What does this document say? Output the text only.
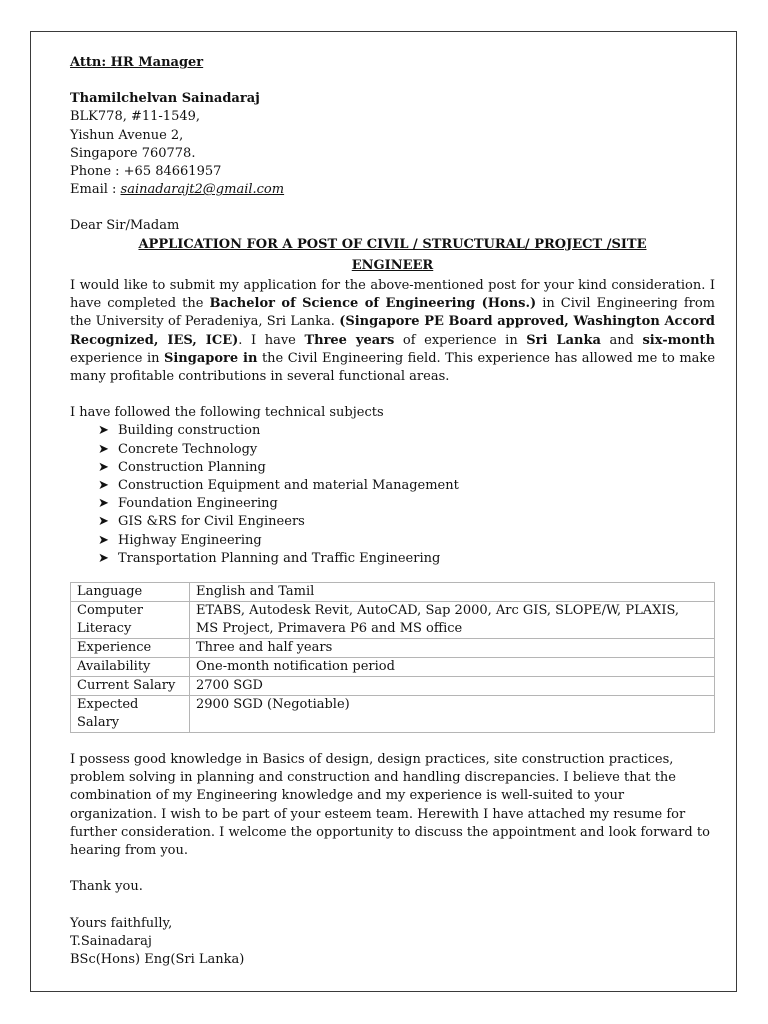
Attn: HR Manager
Thamilchelvan Sainadaraj
BLK778, #11-1549,
Yishun Avenue 2,
Singapore 760778.
Phone : +65 84661957
Email : sainadarajt2@gmail.com
Dear Sir/Madam
APPLICATION FOR A POST OF CIVIL / STRUCTURAL/ PROJECT /SITE
ENGINEER
I would like to submit my application for the above-mentioned post for your kind consideration. I have completed the Bachelor of Science of Engineering (Hons.) in Civil Engineering from the University of Peradeniya, Sri Lanka. (Singapore PE Board approved, Washington Accord Recognized, IES, ICE). I have Three years of experience in Sri Lanka and six-month experience in Singapore in the Civil Engineering field. This experience has allowed me to make many profitable contributions in several functional areas.
I have followed the following technical subjects
➤ Building construction
➤ Concrete Technology
➤ Construction Planning
➤ Construction Equipment and material Management
➤ Foundation Engineering
➤ GIS &RS for Civil Engineers
➤ Highway Engineering
➤ Transportation Planning and Traffic Engineering
Language	English and Tamil

Computer
Literacy	ETABS, Autodesk Revit, AutoCAD, Sap 2000, Arc GIS, SLOPE/W, PLAXIS,
MS Project, Primavera P6 and MS office

Experience	Three and half years
Availability	One-month notification period
Current Salary	2700 SGD
Expected Salary	2900 SGD (Negotiable)
I possess good knowledge in Basics of design, design practices, site construction practices, problem solving in planning and construction and handling discrepancies. I believe that the combination of my Engineering knowledge and my experience is well-suited to your organization. I wish to be part of your esteem team. Herewith I have attached my resume for further consideration. I welcome the opportunity to discuss the appointment and look forward to hearing from you.
Thank you.
Yours faithfully,
T.Sainadaraj
BSc(Hons) Eng(Sri Lanka)
